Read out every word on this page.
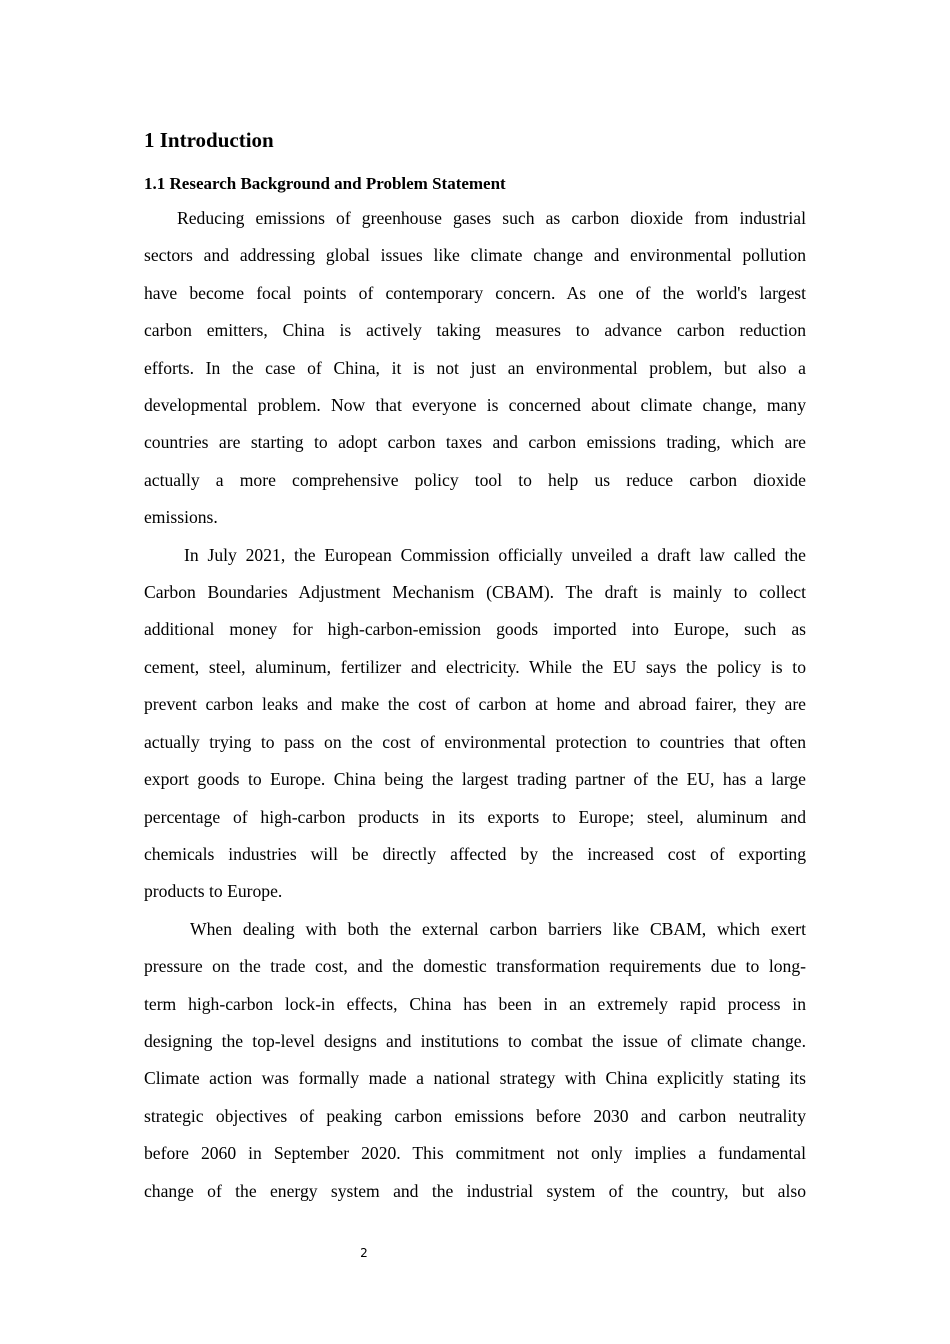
1 Introduction
1.1 Research Background and Problem Statement
Reducing emissions of greenhouse gases such as carbon dioxide from industrial
sectors and addressing global issues like climate change and environmental pollution
have become focal points of contemporary concern. As one of the world's largest
carbon emitters, China is actively taking measures to advance carbon reduction
efforts. In the case of China, it is not just an environmental problem, but also a
developmental problem. Now that everyone is concerned about climate change, many
countries are starting to adopt carbon taxes and carbon emissions trading, which are
actually a more comprehensive policy tool to help us reduce carbon dioxide
emissions.
In July 2021, the European Commission officially unveiled a draft law called the
Carbon Boundaries Adjustment Mechanism (CBAM). The draft is mainly to collect
additional money for high-carbon-emission goods imported into Europe, such as
cement, steel, aluminum, fertilizer and electricity. While the EU says the policy is to
prevent carbon leaks and make the cost of carbon at home and abroad fairer, they are
actually trying to pass on the cost of environmental protection to countries that often
export goods to Europe. China being the largest trading partner of the EU, has a large
percentage of high-carbon products in its exports to Europe; steel, aluminum and
chemicals industries will be directly affected by the increased cost of exporting
products to Europe.
When dealing with both the external carbon barriers like CBAM, which exert
pressure on the trade cost, and the domestic transformation requirements due to long-
term high-carbon lock-in effects, China has been in an extremely rapid process in
designing the top-level designs and institutions to combat the issue of climate change.
Climate action was formally made a national strategy with China explicitly stating its
strategic objectives of peaking carbon emissions before 2030 and carbon neutrality
before 2060 in September 2020. This commitment not only implies a fundamental
change of the energy system and the industrial system of the country, but also
2
